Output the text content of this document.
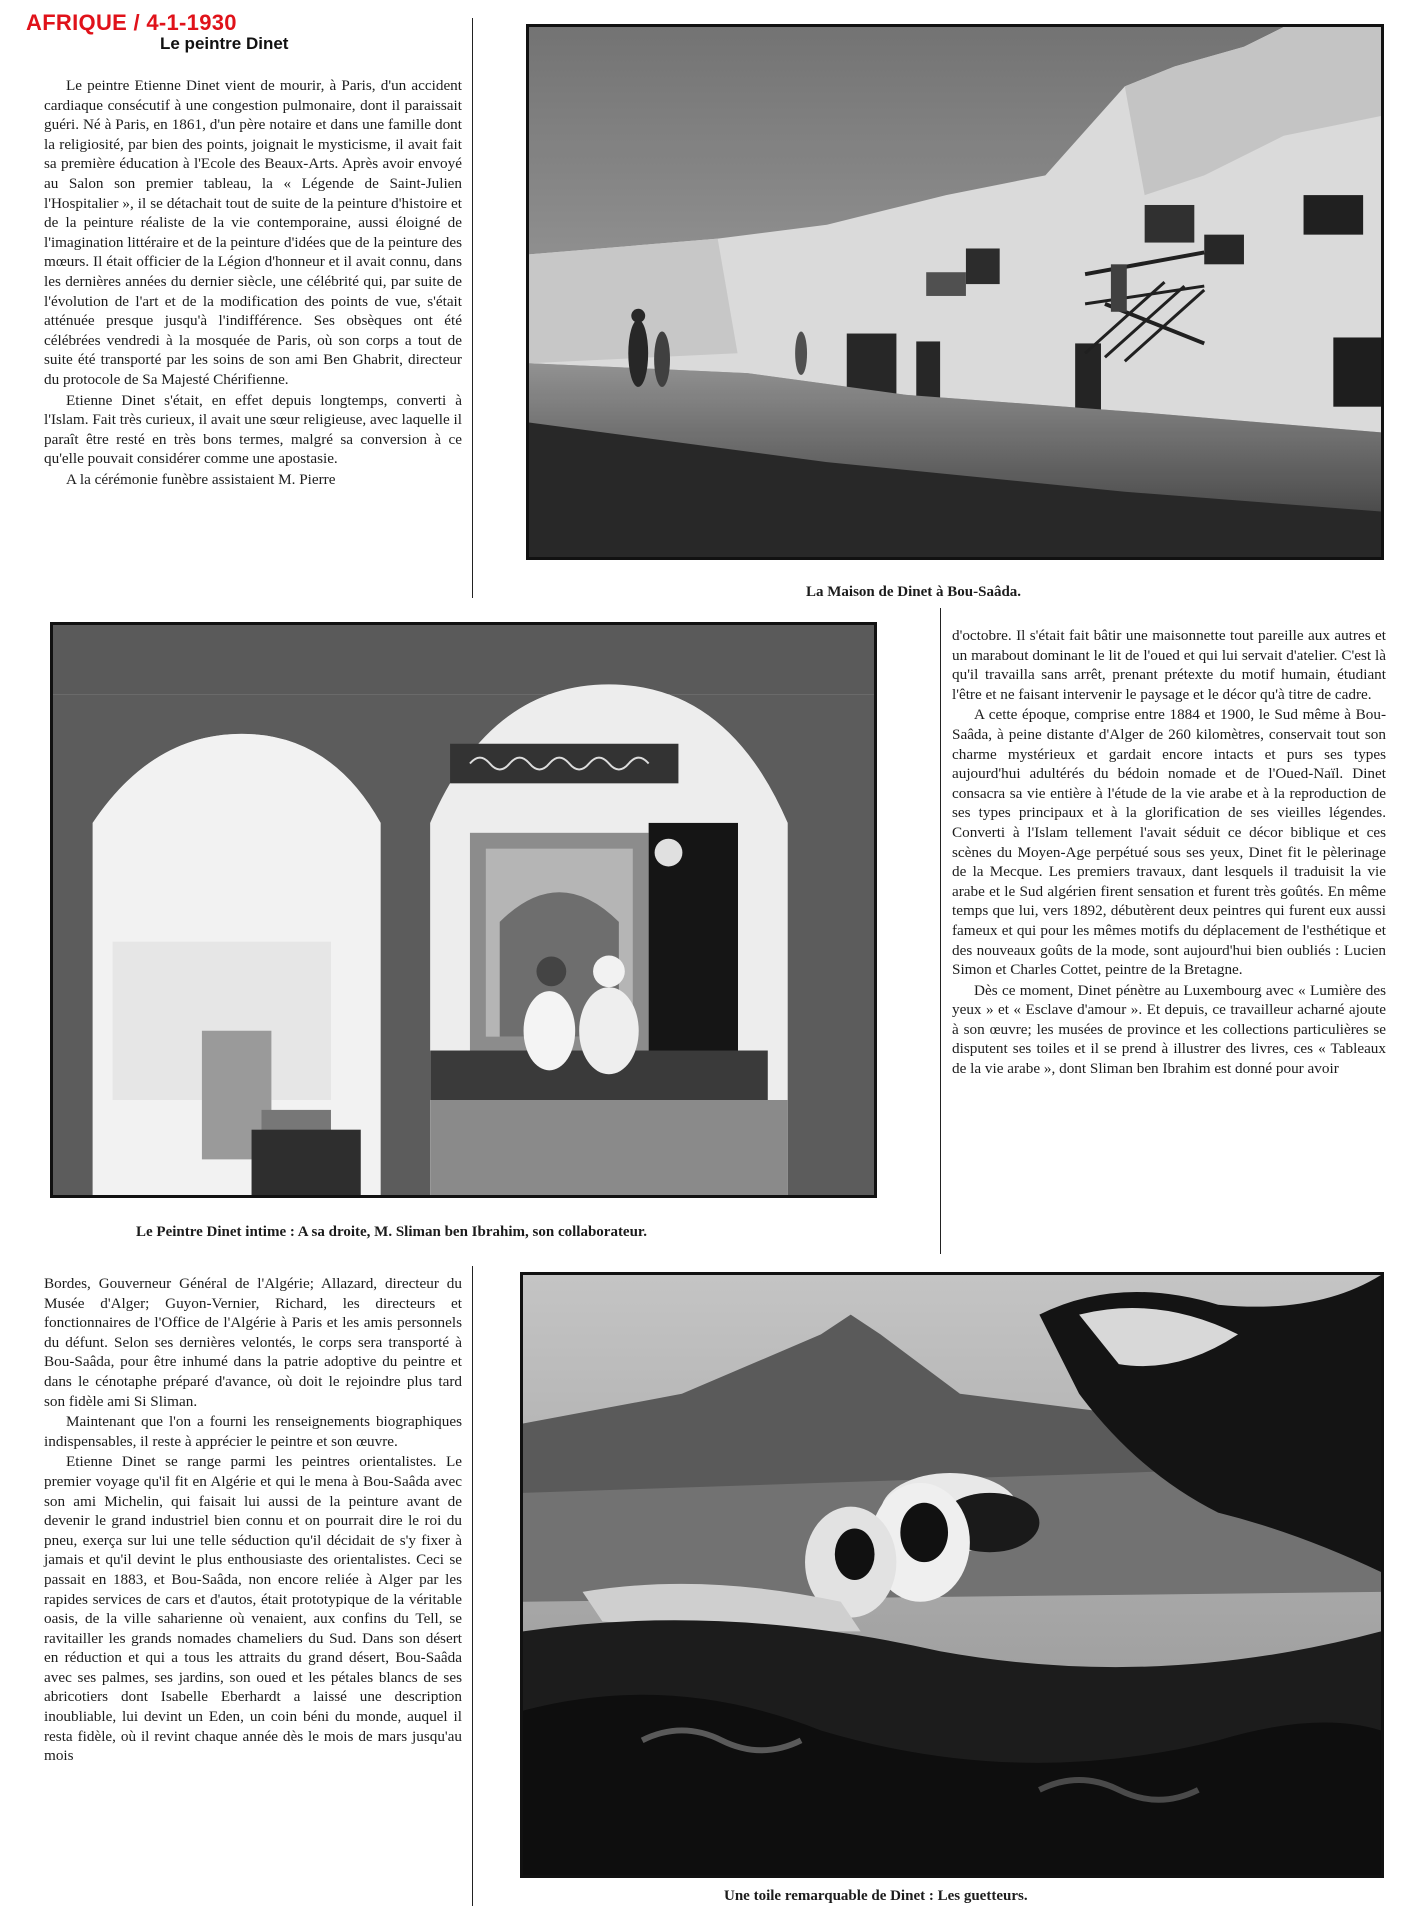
AFRIQUE / 4-1-1930
Le peintre Dinet

Le peintre Etienne Dinet vient de mourir, à Paris, d'un accident cardiaque consécutif à une congestion pulmonaire, dont il paraissait guéri. Né à Paris, en 1861, d'un père notaire et dans une famille dont la religiosité, par bien des points, joignait le mysticisme, il avait fait sa première éducation à l'Ecole des Beaux-Arts. Après avoir envoyé au Salon son premier tableau, la « Légende de Saint-Julien l'Hospitalier », il se détachait tout de suite de la peinture d'histoire et de la peinture réaliste de la vie contemporaine, aussi éloigné de l'imagination littéraire et de la peinture d'idées que de la peinture des mœurs. Il était officier de la Légion d'honneur et il avait connu, dans les dernières années du dernier siècle, une célébrité qui, par suite de l'évolution de l'art et de la modification des points de vue, s'était atténuée presque jusqu'à l'indifférence. Ses obsèques ont été célébrées vendredi à la mosquée de Paris, où son corps a tout de suite été transporté par les soins de son ami Ben Ghabrit, directeur du protocole de Sa Majesté Chérifienne.

Etienne Dinet s'était, en effet depuis longtemps, converti à l'Islam. Fait très curieux, il avait une sœur religieuse, avec laquelle il paraît être resté en très bons termes, malgré sa conversion à ce qu'elle pouvait considérer comme une apostasie.

A la cérémonie funèbre assistaient M. Pierre

La Maison de Dinet à Bou-Saâda.
Le Peintre Dinet intime : A sa droite, M. Sliman ben Ibrahim, son collaborateur.

d'octobre. Il s'était fait bâtir une maisonnette tout pareille aux autres et un marabout dominant le lit de l'oued et qui lui servait d'atelier. C'est là qu'il travailla sans arrêt, prenant prétexte du motif humain, étudiant l'être et ne faisant intervenir le paysage et le décor qu'à titre de cadre.

A cette époque, comprise entre 1884 et 1900, le Sud même à Bou-Saâda, à peine distante d'Alger de 260 kilomètres, conservait tout son charme mystérieux et gardait encore intacts et purs ses types aujourd'hui adultérés du bédoin nomade et de l'Oued-Naïl. Dinet consacra sa vie entière à l'étude de la vie arabe et à la reproduction de ses types principaux et à la glorification de ses vieilles légendes. Converti à l'Islam tellement l'avait séduit ce décor biblique et ces scènes du Moyen-Age perpétué sous ses yeux, Dinet fit le pèlerinage de la Mecque. Les premiers travaux, dant lesquels il traduisit la vie arabe et le Sud algérien firent sensation et furent très goûtés. En même temps que lui, vers 1892, débutèrent deux peintres qui furent eux aussi fameux et qui pour les mêmes motifs du déplacement de l'esthétique et des nouveaux goûts de la mode, sont aujourd'hui bien oubliés : Lucien Simon et Charles Cottet, peintre de la Bretagne.

Dès ce moment, Dinet pénètre au Luxembourg avec « Lumière des yeux » et « Esclave d'amour ». Et depuis, ce travailleur acharné ajoute à son œuvre; les musées de province et les collections particulières se disputent ses toiles et il se prend à illustrer des livres, ces « Tableaux de la vie arabe », dont Sliman ben Ibrahim est donné pour avoir

Bordes, Gouverneur Général de l'Algérie; Allazard, directeur du Musée d'Alger; Guyon-Vernier, Richard, les directeurs et fonctionnaires de l'Office de l'Algérie à Paris et les amis personnels du défunt. Selon ses dernières velontés, le corps sera transporté à Bou-Saâda, pour être inhumé dans la patrie adoptive du peintre et dans le cénotaphe préparé d'avance, où doit le rejoindre plus tard son fidèle ami Si Sliman.

Maintenant que l'on a fourni les renseignements biographiques indispensables, il reste à apprécier le peintre et son œuvre.

Etienne Dinet se range parmi les peintres orientalistes. Le premier voyage qu'il fit en Algérie et qui le mena à Bou-Saâda avec son ami Michelin, qui faisait lui aussi de la peinture avant de devenir le grand industriel bien connu et on pourrait dire le roi du pneu, exerça sur lui une telle séduction qu'il décidait de s'y fixer à jamais et qu'il devint le plus enthousiaste des orientalistes. Ceci se passait en 1883, et Bou-Saâda, non encore reliée à Alger par les rapides services de cars et d'autos, était prototypique de la véritable oasis, de la ville saharienne où venaient, aux confins du Tell, se ravitailler les grands nomades chameliers du Sud. Dans son désert en réduction et qui a tous les attraits du grand désert, Bou-Saâda avec ses palmes, ses jardins, son oued et les pétales blancs de ses abricotiers dont Isabelle Eberhardt a laissé une description inoubliable, lui devint un Eden, un coin béni du monde, auquel il resta fidèle, où il revint chaque année dès le mois de mars jusqu'au mois

Une toile remarquable de Dinet : Les guetteurs.
